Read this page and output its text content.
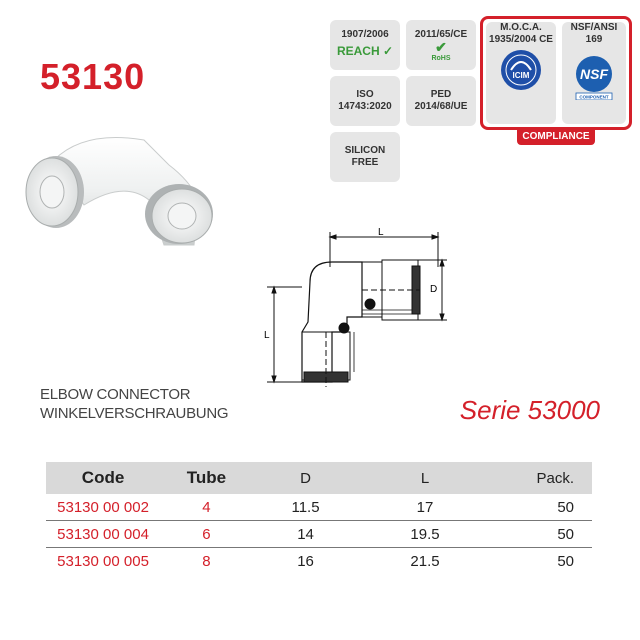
53130
1907/2006
REACH ✓
2011/65/CE
✔
RoHS
ISO
14743:2020
PED
2014/68/UE
SILICON
FREE
M.O.C.A. 1935/2004 CE
ICIM
NSF/ANSI 169
NSF
COMPONENT
COMPLIANCE
L
D
L
ELBOW CONNECTOR
WINKELVERSCHRAUBUNG	Serie 53000
Code	Tube	D	L	Pack.
53130 00 002	4	11.5	17	50
53130 00 004	6	14	19.5	50
53130 00 005	8	16	21.5	50
